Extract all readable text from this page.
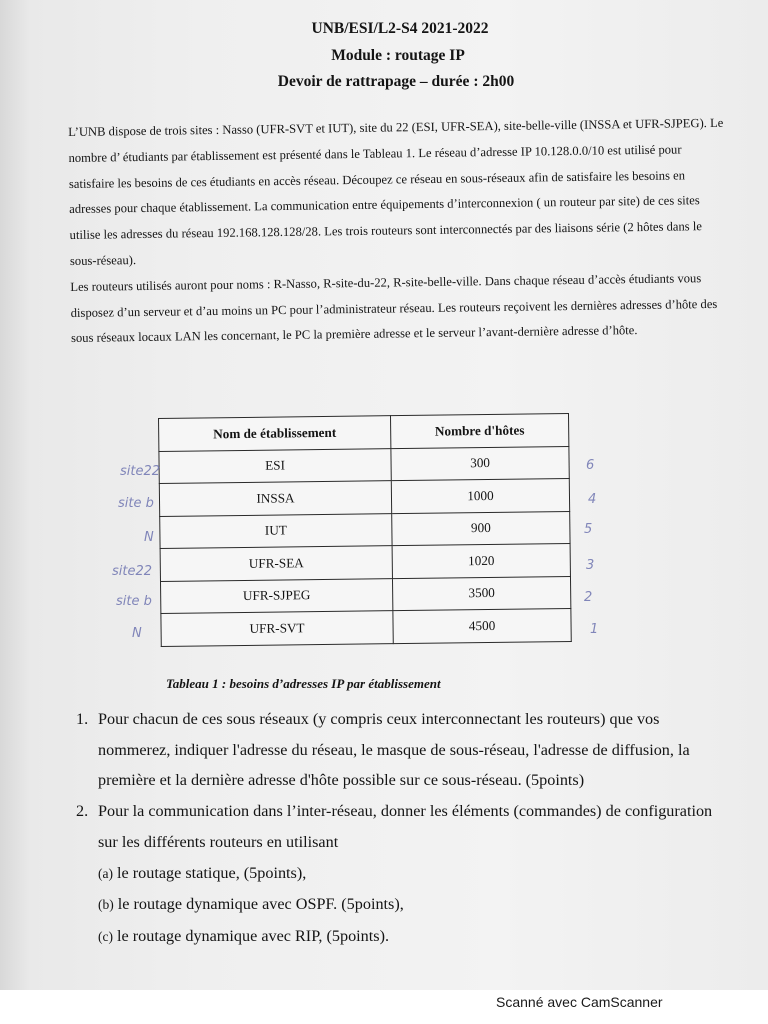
UNB/ESI/L2-S4 2021-2022
Module : routage IP
Devoir de rattrapage – durée : 2h00

L’UNB dispose de trois sites : Nasso (UFR-SVT et IUT), site du 22 (ESI, UFR-SEA), site-belle-ville (INSSA et UFR-SJPEG). Le nombre d’ étudiants par établissement est présenté dans le Tableau 1. Le réseau d’adresse IP 10.128.0.0/10 est utilisé pour satisfaire les besoins de ces étudiants en accès réseau. Découpez ce réseau en sous-réseaux afin de satisfaire les besoins en adresses pour chaque établissement. La communication entre équipements d’interconnexion ( un routeur par site) de ces sites utilise les adresses du réseau 192.168.128.128/28. Les trois routeurs sont interconnectés par des liaisons série (2 hôtes dans le sous-réseau).

Les routeurs utilisés auront pour noms : R-Nasso, R-site-du-22, R-site-belle-ville. Dans chaque réseau d’accès étudiants vous disposez d’un serveur et d’au moins un PC pour l’administrateur réseau. Les routeurs reçoivent les dernières adresses d’hôte des sous réseaux locaux LAN les concernant, le PC la première adresse et le serveur l’avant-dernière adresse d’hôte.

Nom de établissement	Nombre d'hôtes
ESI	300
INSSA	1000
IUT	900
UFR-SEA	1020
UFR-SJPEG	3500
UFR-SVT	4500
site22
site b
N
site22
site b
N
6
4
5
3
2
1
Tableau 1 : besoins d’adresses IP par établissement
1. Pour chacun de ces sous réseaux (y compris ceux interconnectant les routeurs) que vos nommerez, indiquer l'adresse du réseau, le masque de sous-réseau, l'adresse de diffusion, la première et la dernière adresse d'hôte possible sur ce sous-réseau. (5points)
2. Pour la communication dans l’inter-réseau, donner les éléments (commandes) de configuration sur les différents routeurs en utilisant
(a) le routage statique, (5points),
(b) le routage dynamique avec OSPF. (5points),
(c) le routage dynamique avec RIP, (5points).
Scanné avec CamScanner
